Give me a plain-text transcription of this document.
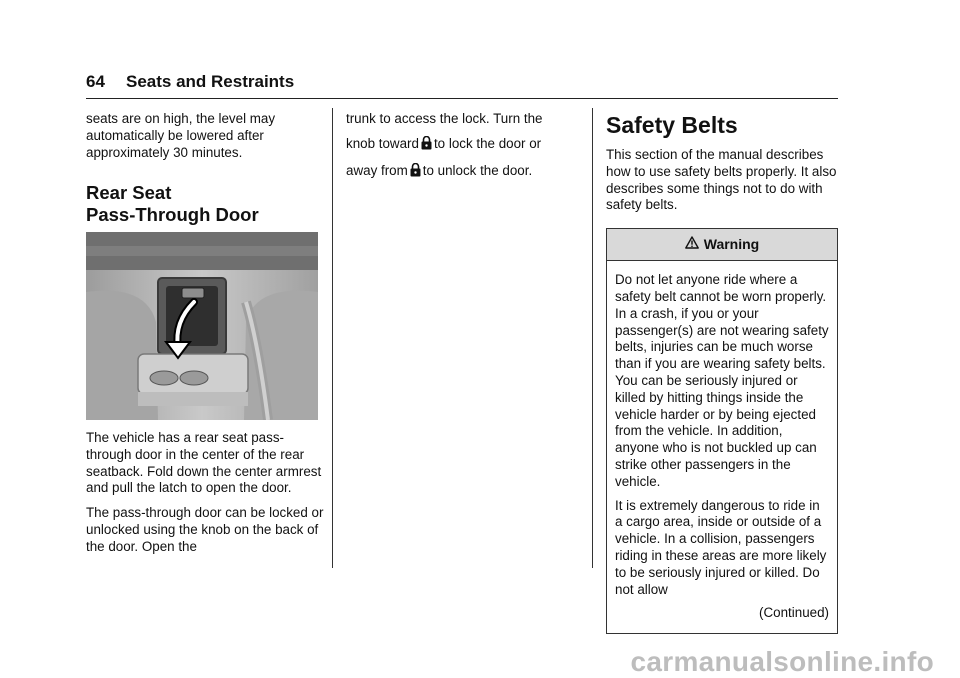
64 Seats and Restraints

seats are on high, the level may automatically be lowered after approximately 30 minutes.

Rear Seat

Pass-Through Door

The vehicle has a rear seat pass-through door in the center of the rear seatback. Fold down the center armrest and pull the latch to open the door.

The pass-through door can be locked or unlocked using the knob on the back of the door. Open the

trunk to access the lock. Turn the

knob toward to lock the door or

away from to unlock the door.

Safety Belts

This section of the manual describes how to use safety belts properly. It also describes some things not to do with safety belts.

Warning

Do not let anyone ride where a safety belt cannot be worn properly. In a crash, if you or your passenger(s) are not wearing safety belts, injuries can be much worse than if you are wearing safety belts. You can be seriously injured or killed by hitting things inside the vehicle harder or by being ejected from the vehicle. In addition, anyone who is not buckled up can strike other passengers in the vehicle.

It is extremely dangerous to ride in a cargo area, inside or outside of a vehicle. In a collision, passengers riding in these areas are more likely to be seriously injured or killed. Do not allow

(Continued)

carmanualsonline.info
